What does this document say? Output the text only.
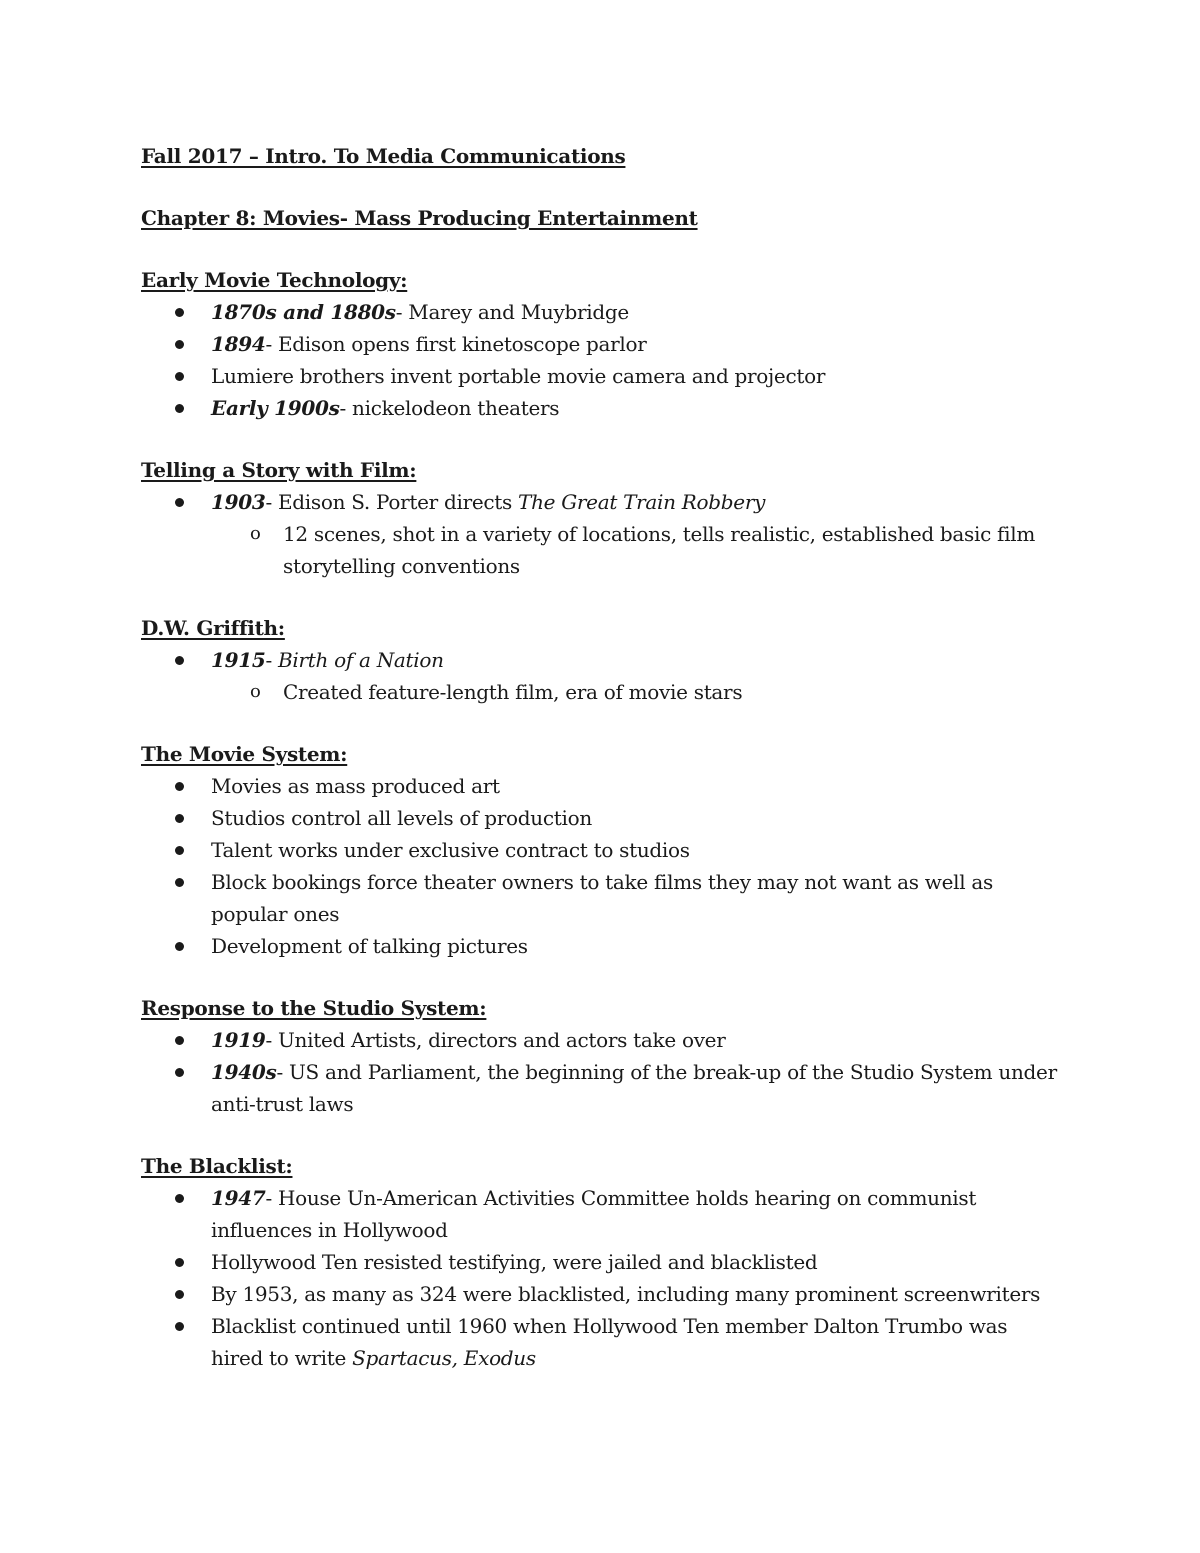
Fall 2017 – Intro. To Media Communications

Chapter 8: Movies- Mass Producing Entertainment

Early Movie Technology:

1870s and 1880s- Marey and Muybridge
1894- Edison opens first kinetoscope parlor
Lumiere brothers invent portable movie camera and projector
Early 1900s- nickelodeon theaters

Telling a Story with Film:

1903- Edison S. Porter directs The Great Train Robbery
o 12 scenes, shot in a variety of locations, tells realistic, established basic film storytelling conventions

D.W. Griffith:

1915- Birth of a Nation
o Created feature-length film, era of movie stars

The Movie System:

Movies as mass produced art
Studios control all levels of production
Talent works under exclusive contract to studios
Block bookings force theater owners to take films they may not want as well as popular ones
Development of talking pictures

Response to the Studio System:

1919- United Artists, directors and actors take over
1940s- US and Parliament, the beginning of the break-up of the Studio System under anti-trust laws

The Blacklist:

1947- House Un-American Activities Committee holds hearing on communist influences in Hollywood
Hollywood Ten resisted testifying, were jailed and blacklisted
By 1953, as many as 324 were blacklisted, including many prominent screenwriters
Blacklist continued until 1960 when Hollywood Ten member Dalton Trumbo was hired to write Spartacus, Exodus
